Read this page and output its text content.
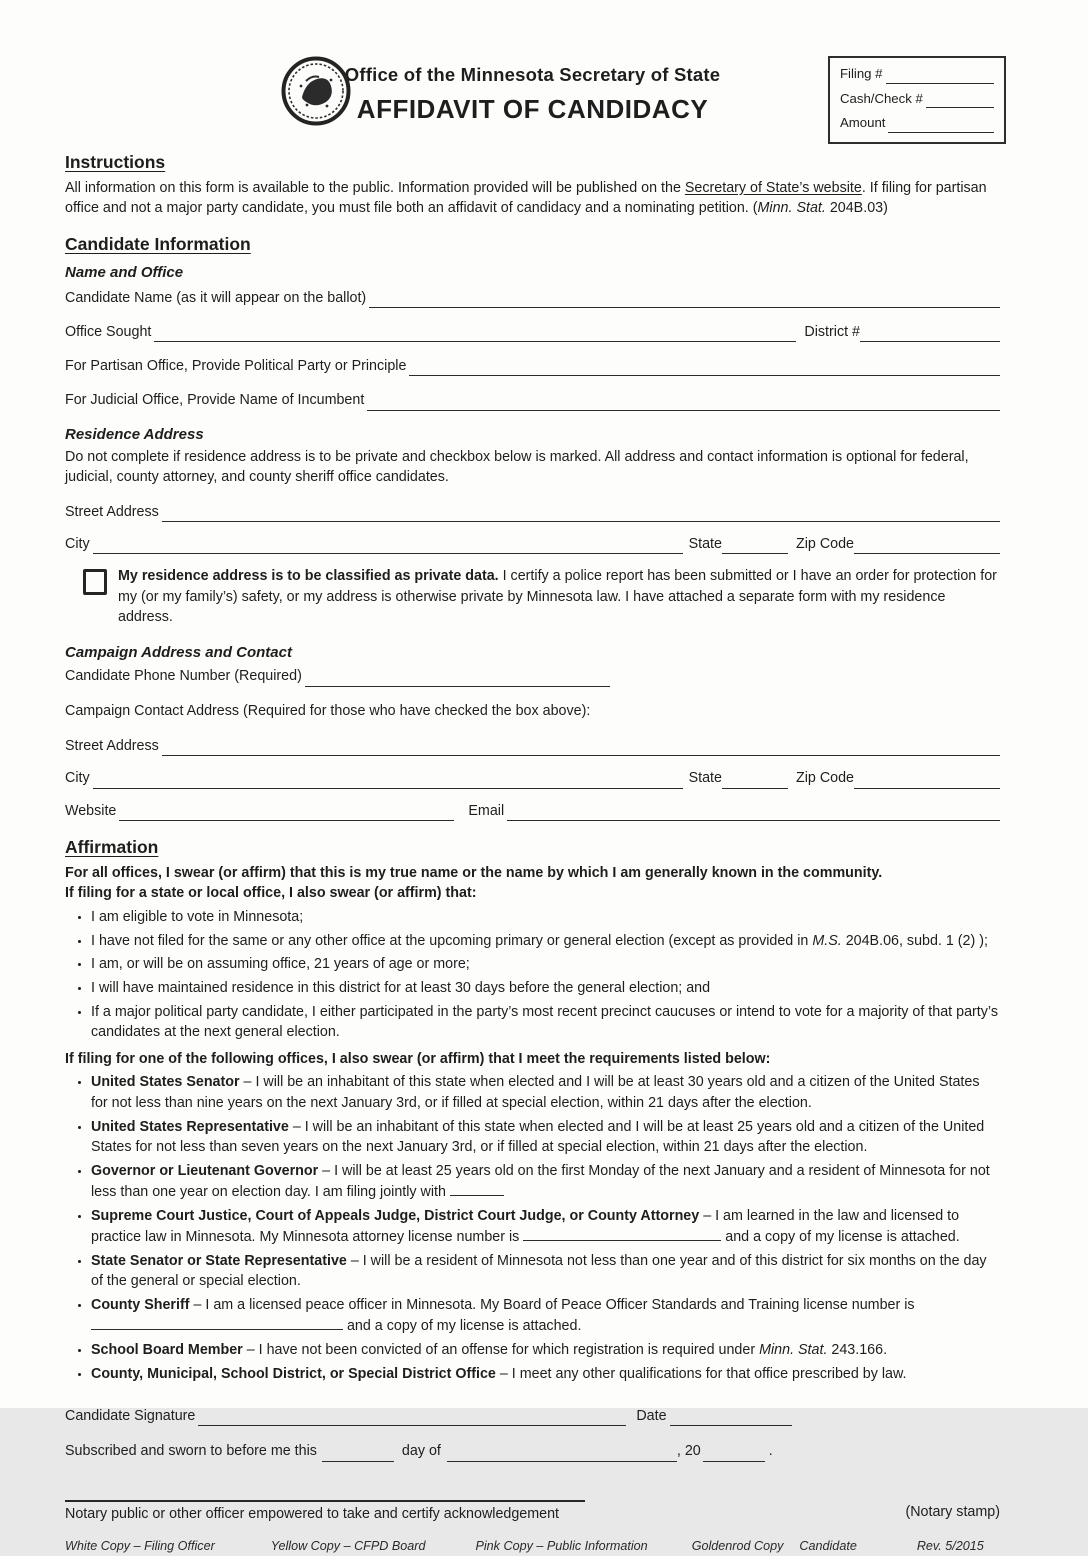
Office of the Minnesota Secretary of State
AFFIDAVIT OF CANDIDACY
Filing #
Cash/Check #
Amount
Instructions
All information on this form is available to the public. Information provided will be published on the Secretary of State’s website. If filing for partisan office and not a major party candidate, you must file both an affidavit of candidacy and a nominating petition. (Minn. Stat. 204B.03)
Candidate Information
Name and Office
Candidate Name (as it will appear on the ballot)
Office Sought	District #
For Partisan Office, Provide Political Party or Principle
For Judicial Office, Provide Name of Incumbent
Residence Address
Do not complete if residence address is to be private and checkbox below is marked. All address and contact information is optional for federal, judicial, county attorney, and county sheriff office candidates.
Street Address
City	State	Zip Code
My residence address is to be classified as private data. I certify a police report has been submitted or I have an order for protection for my (or my family’s) safety, or my address is otherwise private by Minnesota law. I have attached a separate form with my residence address.
Campaign Address and Contact
Candidate Phone Number (Required)
Campaign Contact Address (Required for those who have checked the box above):
Street Address
City	State	Zip Code
Website	Email
Affirmation
For all offices, I swear (or affirm) that this is my true name or the name by which I am generally known in the community.
If filing for a state or local office, I also swear (or affirm) that:
• I am eligible to vote in Minnesota;
• I have not filed for the same or any other office at the upcoming primary or general election (except as provided in M.S. 204B.06, subd. 1 (2) );
• I am, or will be on assuming office, 21 years of age or more;
• I will have maintained residence in this district for at least 30 days before the general election; and
• If a major political party candidate, I either participated in the party’s most recent precinct caucuses or intend to vote for a majority of that party’s candidates at the next general election.
If filing for one of the following offices, I also swear (or affirm) that I meet the requirements listed below:
• United States Senator – I will be an inhabitant of this state when elected and I will be at least 30 years old and a citizen of the United States for not less than nine years on the next January 3rd, or if filled at special election, within 21 days after the election.
• United States Representative – I will be an inhabitant of this state when elected and I will be at least 25 years old and a citizen of the United States for not less than seven years on the next January 3rd, or if filled at special election, within 21 days after the election.
• Governor or Lieutenant Governor – I will be at least 25 years old on the first Monday of the next January and a resident of Minnesota for not less than one year on election day. I am filing jointly with
• Supreme Court Justice, Court of Appeals Judge, District Court Judge, or County Attorney – I am learned in the law and licensed to practice law in Minnesota. My Minnesota attorney license number is	and a copy of my license is attached.
• State Senator or State Representative – I will be a resident of Minnesota not less than one year and of this district for six months on the day of the general or special election.
• County Sheriff – I am a licensed peace officer in Minnesota. My Board of Peace Officer Standards and Training license number is  and a copy of my license is attached.
• School Board Member – I have not been convicted of an offense for which registration is required under Minn. Stat. 243.166.
• County, Municipal, School District, or Special District Office – I meet any other qualifications for that office prescribed by law.
Candidate Signature	Date
Subscribed and sworn to before me this	day of	, 20	.
Notary public or other officer empowered to take and certify acknowledgement	(Notary stamp)
White Copy – Filing Officer	Yellow Copy – CFPD Board	Pink Copy – Public Information	Goldenrod Copy Candidate	Rev. 5/2015
